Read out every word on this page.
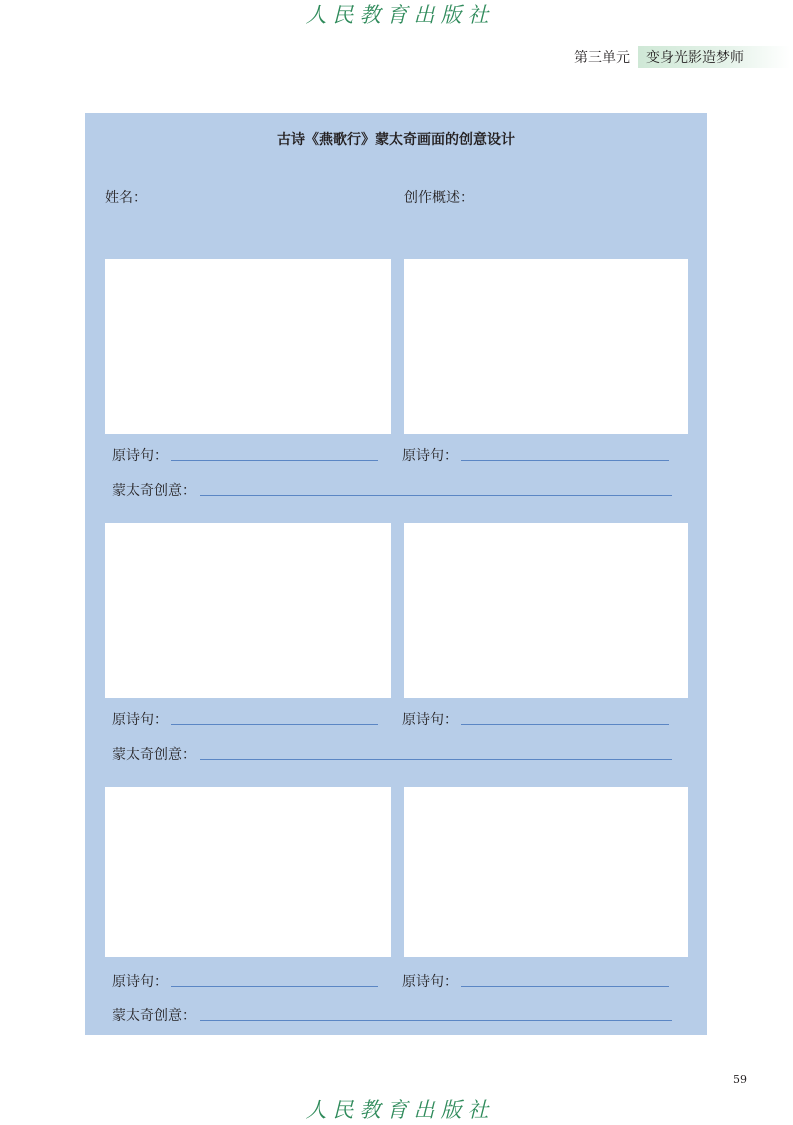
人民教育出版社
第三单元	变身光影造梦师
古诗《燕歌行》蒙太奇画面的创意设计
姓名：	创作概述：
原诗句：	原诗句：
蒙太奇创意：
原诗句：	原诗句：
蒙太奇创意：
原诗句：	原诗句：
蒙太奇创意：
59
人民教育出版社
